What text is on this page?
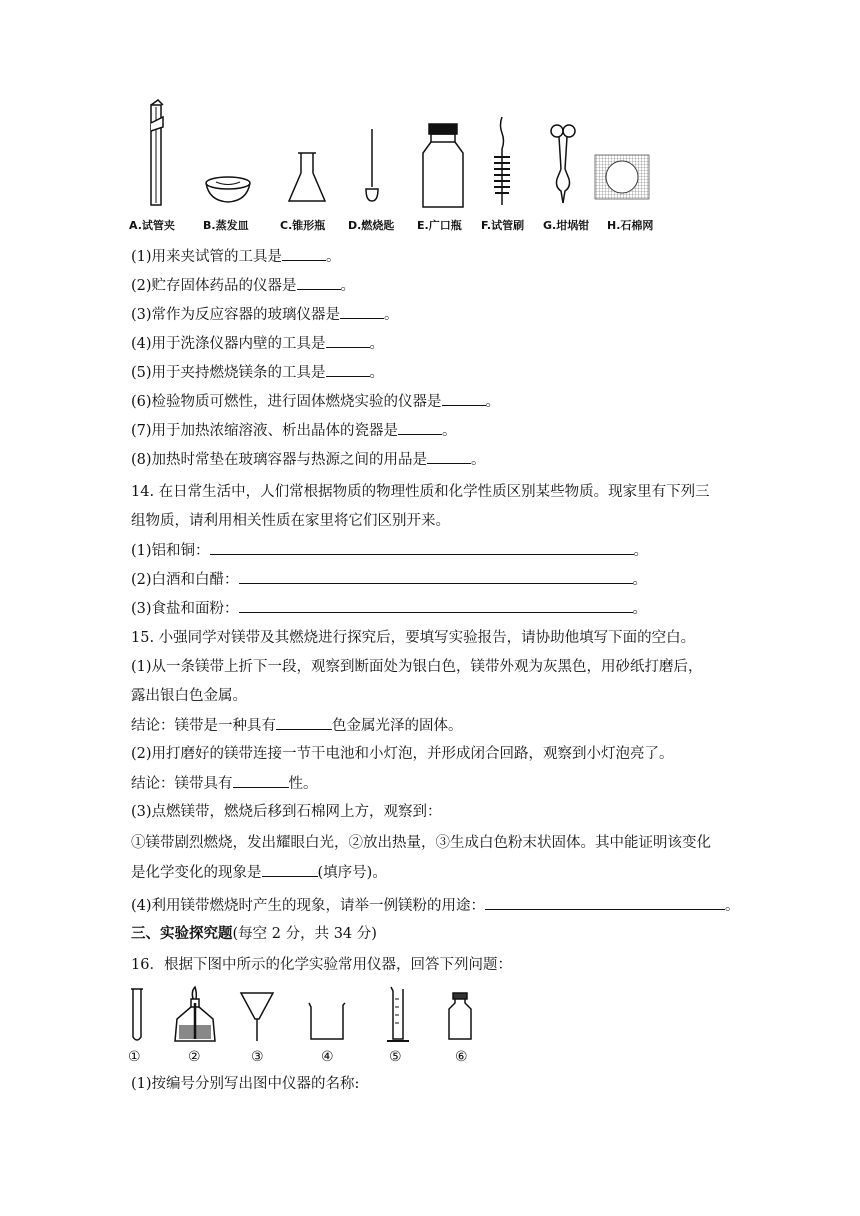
A.试管夹	B.蒸发皿	C.锥形瓶 D.燃烧匙 E.广口瓶 F.试管刷 G.坩埚钳 H.石棉网
(1)用来夹试管的工具是	。
(2)贮存固体药品的仪器是	。
(3)常作为反应容器的玻璃仪器是	。
(4)用于洗涤仪器内壁的工具是	。
(5)用于夹持燃烧镁条的工具是	。
(6)检验物质可燃性，进行固体燃烧实验的仪器是	。
(7)用于加热浓缩溶液、析出晶体的瓷器是	。
(8)加热时常垫在玻璃容器与热源之间的用品是	。
14. 在日常生活中，人们常根据物质的物理性质和化学性质区别某些物质。现家里有下列三
组物质，请利用相关性质在家里将它们区别开来。
(1)铝和铜：	。
(2)白酒和白醋：	。
(3)食盐和面粉：	。
15. 小强同学对镁带及其燃烧进行探究后，要填写实验报告，请协助他填写下面的空白。
(1)从一条镁带上折下一段，观察到断面处为银白色，镁带外观为灰黑色，用砂纸打磨后，
露出银白色金属。
结论：镁带是一种具有	色金属光泽的固体。
(2)用打磨好的镁带连接一节干电池和小灯泡，并形成闭合回路，观察到小灯泡亮了。
结论：镁带具有	性。
(3)点燃镁带，燃烧后移到石棉网上方，观察到：
①镁带剧烈燃烧，发出耀眼白光，②放出热量，③生成白色粉末状固体。其中能证明该变化
是化学变化的现象是	(填序号)。
(4)利用镁带燃烧时产生的现象，请举一例镁粉的用途：	。
三、实验探究题(每空 2 分，共 34 分)
16．根据下图中所示的化学实验常用仪器，回答下列问题：
①	②	③	④	⑤	⑥
(1)按编号分别写出图中仪器的名称:
